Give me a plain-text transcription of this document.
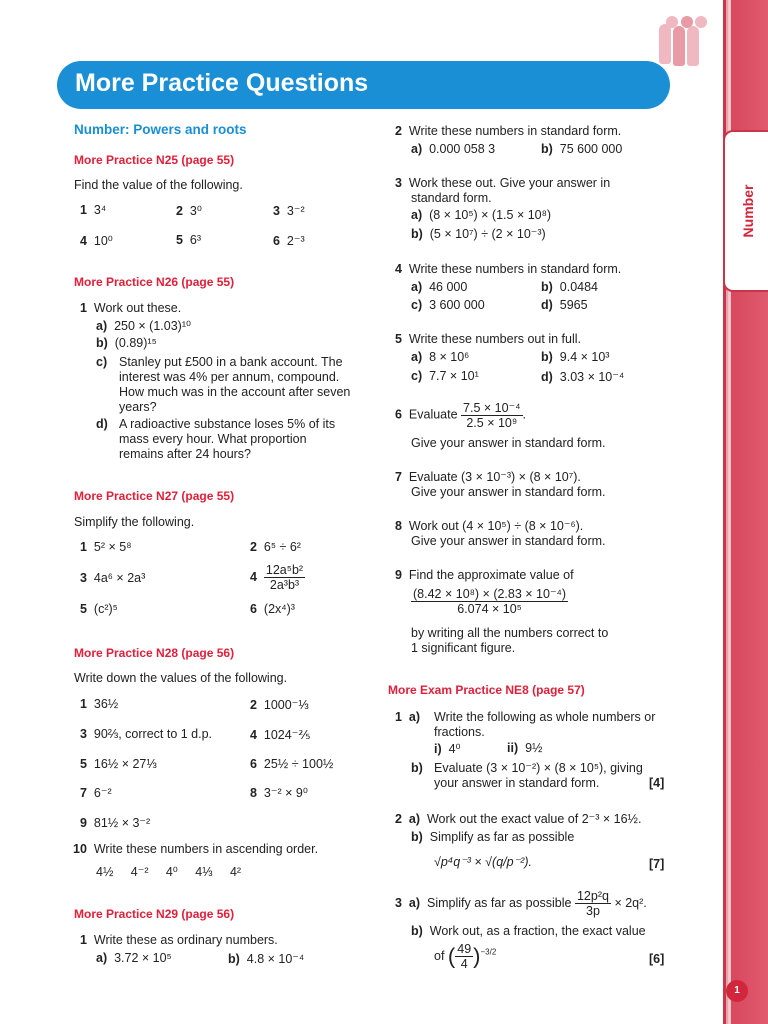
Number
1
More Practice Questions
Number: Powers and roots
More Practice N25 (page 55)
Find the value of the following.
1 3⁴	2 3⁰	3 3⁻²
4 10⁰	5 6³	6 2⁻³
More Practice N26 (page 55)
1 Work out these.
a) 250 × (1.03)¹⁰
b) (0.89)¹⁵
c) Stanley put £500 in a bank account. The
interest was 4% per annum, compound.
How much was in the account after seven
years?
d) A radioactive substance loses 5% of its
mass every hour. What proportion
remains after 24 hours?
More Practice N27 (page 55)
Simplify the following.
1 5² × 5⁸	2 6⁵ ÷ 6²
3 4a⁶ × 2a³	$4 \frac{\text{12a⁵b²}}{\text{2a³b³}}$
5 (c²)⁵	6 (2x⁴)³
More Practice N28 (page 56)
Write down the values of the following.
1 36½	2 1000⁻⅓
3 90⅔, correct to 1 d.p.	4 1024⁻⅖
5 16½ × 27⅓	6 25½ ÷ 100½
7 6⁻²	8 3⁻² × 9⁰
9 81½ × 3⁻²
10 Write these numbers in ascending order.
4½ 4⁻² 4⁰ 4⅓ 4²
More Practice N29 (page 56)
1 Write these as ordinary numbers.
a) 3.72 × 10⁵	b) 4.8 × 10⁻⁴
2 Write these numbers in standard form.
a) 0.000 058 3	b) 75 600 000
3 Work these out. Give your answer in
standard form.
a) (8 × 10⁵) × (1.5 × 10⁸)
b) (5 × 10⁷) ÷ (2 × 10⁻³)
4 Write these numbers in standard form.
a) 46 000	b) 0.0484
c) 3 600 000	d) 5965
5 Write these numbers out in full.
a) 8 × 10⁶	b) 9.4 × 10³
c) 7.7 × 10¹	d) 3.03 × 10⁻⁴
6 Evaluate $\frac{\text{7.5 × 10⁻⁴}}{\text{2.5 × 10⁹}}$ .
Give your answer in standard form.
7 Evaluate (3 × 10⁻³) × (8 × 10⁷).
Give your answer in standard form.
8 Work out (4 × 10⁵) ÷ (8 × 10⁻⁶).
Give your answer in standard form.
9 Find the approximate value of
$\frac{\text{(8.42 × 10⁸) × (2.83 × 10⁻⁴)}}{\text{6.074 × 10⁵}}$
by writing all the numbers correct to
1 significant figure.
More Exam Practice NE8 (page 57)
1 a) Write the following as whole numbers or
fractions.
i) 4⁰	ii) 9½
b) Evaluate (3 × 10⁻²) × (8 × 10⁵), giving
your answer in standard form.	[4]
2 a) Work out the exact value of 2⁻³ × 16½.
b) Simplify as far as possible
√p⁴q⁻³ × √(q/p⁻²).	[7]
3 a) Simplify as far as possible $\frac{\text{12p²q}}{3p} \times 2q^2$.
b) Work out, as a fraction, the exact value
of ( $\frac{49}{4} )^{-3/2}$	[6]
